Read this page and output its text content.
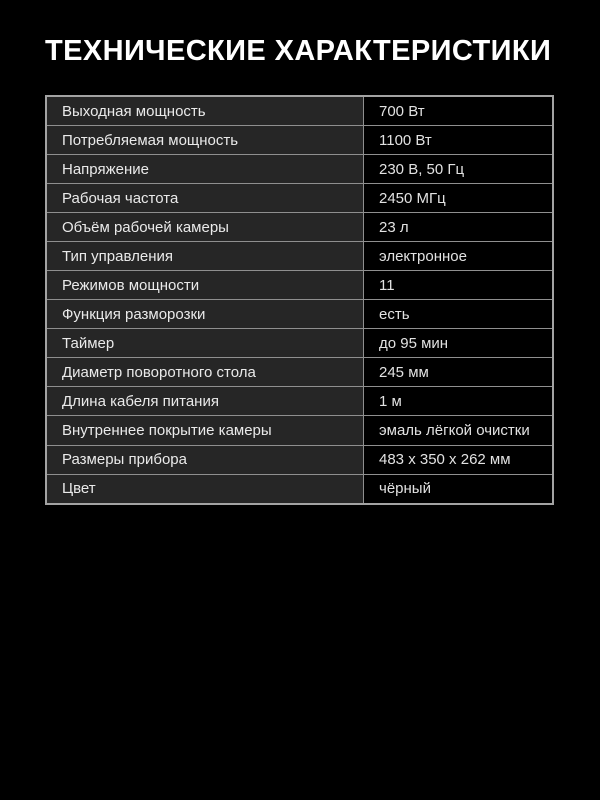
ТЕХНИЧЕСКИЕ ХАРАКТЕРИСТИКИ
Выходная мощность	700 Вт
Потребляемая мощность	1100 Вт
Напряжение	230 В, 50 Гц
Рабочая частота	2450 МГц
Объём рабочей камеры	23 л
Тип управления	электронное
Режимов мощности	11
Функция разморозки	есть
Таймер	до 95 мин
Диаметр поворотного стола	245 мм
Длина кабеля питания	1 м
Внутреннее покрытие камеры	эмаль лёгкой очистки
Размеры прибора	483 x 350 x 262 мм
Цвет	чёрный
